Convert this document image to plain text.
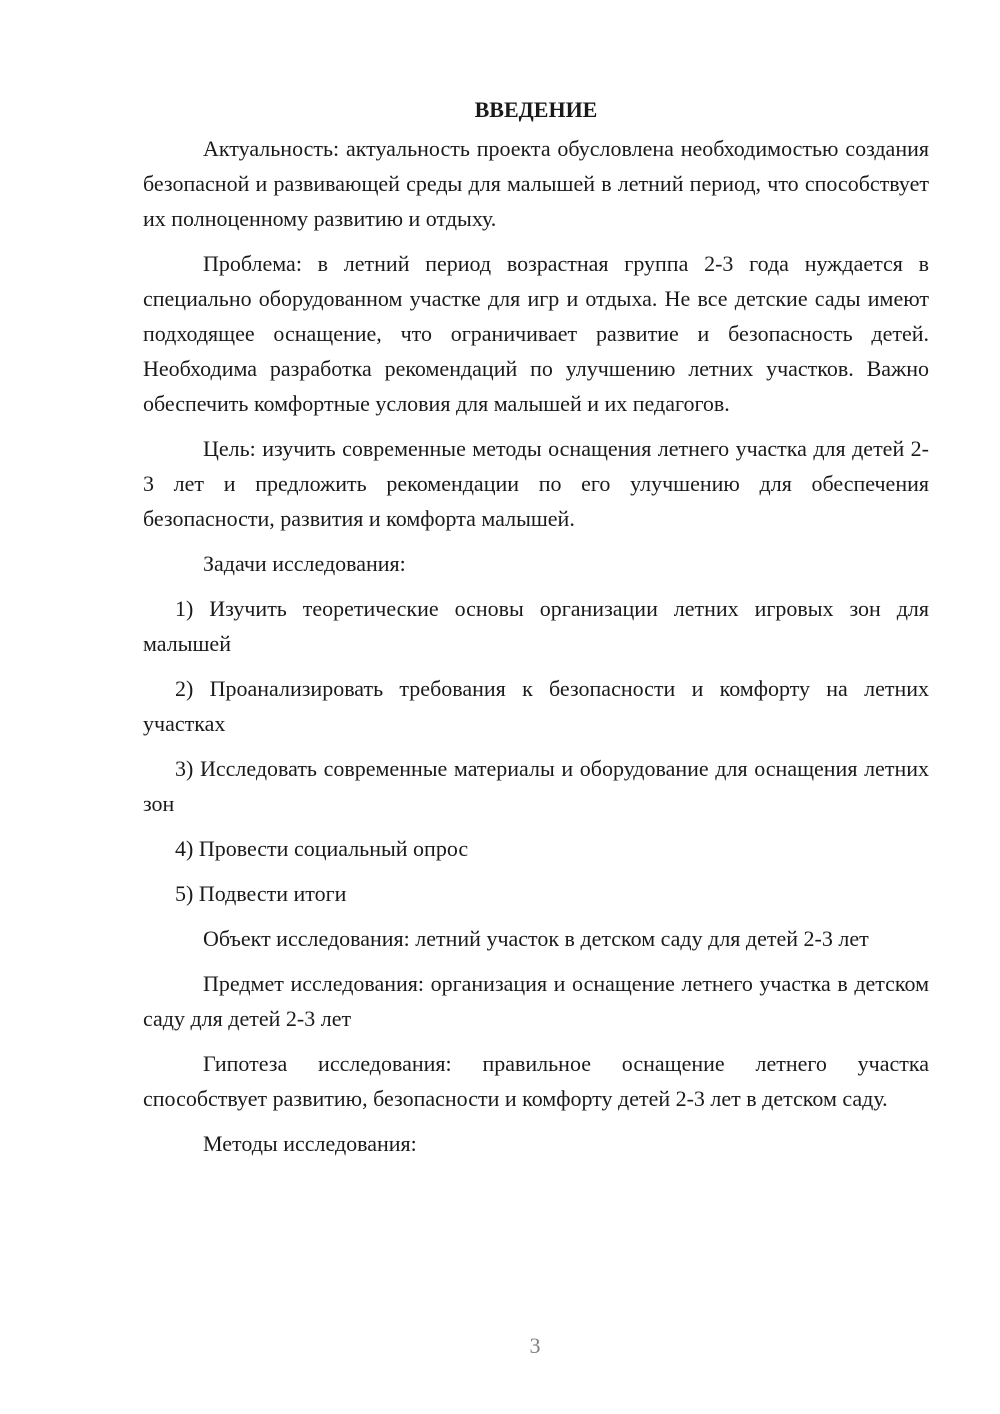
ВВЕДЕНИЕ

Актуальность: актуальность проекта обусловлена необходимостью создания безопасной и развивающей среды для малышей в летний период, что способствует их полноценному развитию и отдыху.

Проблема: в летний период возрастная группа 2-3 года нуждается в специально оборудованном участке для игр и отдыха. Не все детские сады имеют подходящее оснащение, что ограничивает развитие и безопасность детей. Необходима разработка рекомендаций по улучшению летних участков. Важно обеспечить комфортные условия для малышей и их педагогов.

Цель: изучить современные методы оснащения летнего участка для детей 2-3 лет и предложить рекомендации по его улучшению для обеспечения безопасности, развития и комфорта малышей.

Задачи исследования:

1) Изучить теоретические основы организации летних игровых зон для малышей

2) Проанализировать требования к безопасности и комфорту на летних участках

3) Исследовать современные материалы и оборудование для оснащения летних зон

4) Провести социальный опрос

5) Подвести итоги

Объект исследования: летний участок в детском саду для детей 2-3 лет

Предмет исследования: организация и оснащение летнего участка в детском саду для детей 2-3 лет

Гипотеза исследования: правильное оснащение летнего участка способствует развитию, безопасности и комфорту детей 2-3 лет в детском саду.

Методы исследования:

3
